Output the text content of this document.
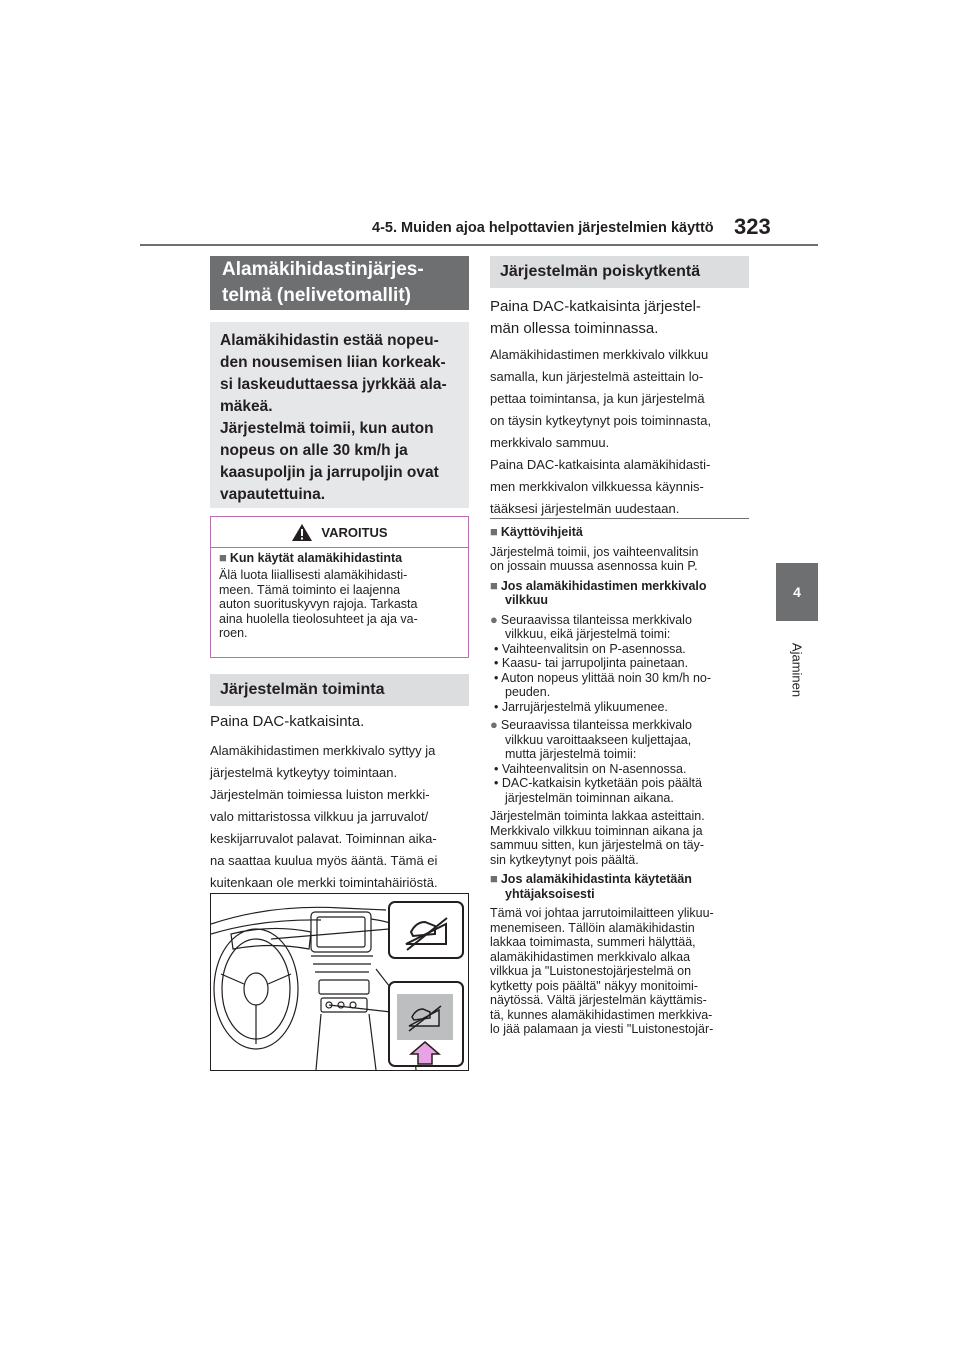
4-5. Muiden ajoa helpottavien järjestelmien käyttö 323
4
Ajaminen
Alamäkihidastinjärjes-
telmä (nelivetomallit)
Alamäkihidastin estää nopeu-
den nousemisen liian korkeak-
si laskeuduttaessa jyrkkää ala-
mäkeä.
Järjestelmä toimii, kun auton
nopeus on alle 30 km/h ja
kaasupoljin ja jarrupoljin ovat
vapautettuina.
VAROITUS
■ Kun käytät alamäkihidastinta
Älä luota liiallisesti alamäkihidasti-
meen. Tämä toiminto ei laajenna
auton suorituskyvyn rajoja. Tarkasta
aina huolella tieolosuhteet ja aja va-
roen.
Järjestelmän toiminta
Paina DAC-katkaisinta.
Alamäkihidastimen merkkivalo syttyy ja
järjestelmä kytkeytyy toimintaan.
Järjestelmän toimiessa luiston merkki-
valo mittaristossa vilkkuu ja jarruvalot/
keskijarruvalot palavat. Toiminnan aika-
na saattaa kuulua myös ääntä. Tämä ei
kuitenkaan ole merkki toimintahäiriöstä.
Järjestelmän poiskytkentä
Paina DAC-katkaisinta järjestel-
män ollessa toiminnassa.
Alamäkihidastimen merkkivalo vilkkuu
samalla, kun järjestelmä asteittain lo-
pettaa toimintansa, ja kun järjestelmä
on täysin kytkeytynyt pois toiminnasta,
merkkivalo sammuu.
Paina DAC-katkaisinta alamäkihidasti-
men merkkivalon vilkkuessa käynnis-
tääksesi järjestelmän uudestaan.

■ Käyttövihjeitä

Järjestelmä toimii, jos vaihteenvalitsin
on jossain muussa asennossa kuin P.

■ Jos alamäkihidastimen merkkivalo
vilkkuu

● Seuraavissa tilanteissa merkkivalo
vilkkuu, eikä järjestelmä toimi:
• Vaihteenvalitsin on P-asennossa.
• Kaasu- tai jarrupoljinta painetaan.
• Auton nopeus ylittää noin 30 km/h no-
peuden.
• Jarrujärjestelmä ylikuumenee.
● Seuraavissa tilanteissa merkkivalo
vilkkuu varoittaakseen kuljettajaa,
mutta järjestelmä toimii:
• Vaihteenvalitsin on N-asennossa.
• DAC-katkaisin kytketään pois päältä
järjestelmän toiminnan aikana.

Järjestelmän toiminta lakkaa asteittain.
Merkkivalo vilkkuu toiminnan aikana ja
sammuu sitten, kun järjestelmä on täy-
sin kytkeytynyt pois päältä.

■ Jos alamäkihidastinta käytetään
yhtäjaksoisesti

Tämä voi johtaa jarrutoimilaitteen ylikuu-
menemiseen. Tällöin alamäkihidastin
lakkaa toimimasta, summeri hälyttää,
alamäkihidastimen merkkivalo alkaa
vilkkua ja "Luistonestojärjestelmä on
kytketty pois päältä" näkyy monitoimi-
näytössä. Vältä järjestelmän käyttämis-
tä, kunnes alamäkihidastimen merkkiva-
lo jää palamaan ja viesti "Luistonestojär-
